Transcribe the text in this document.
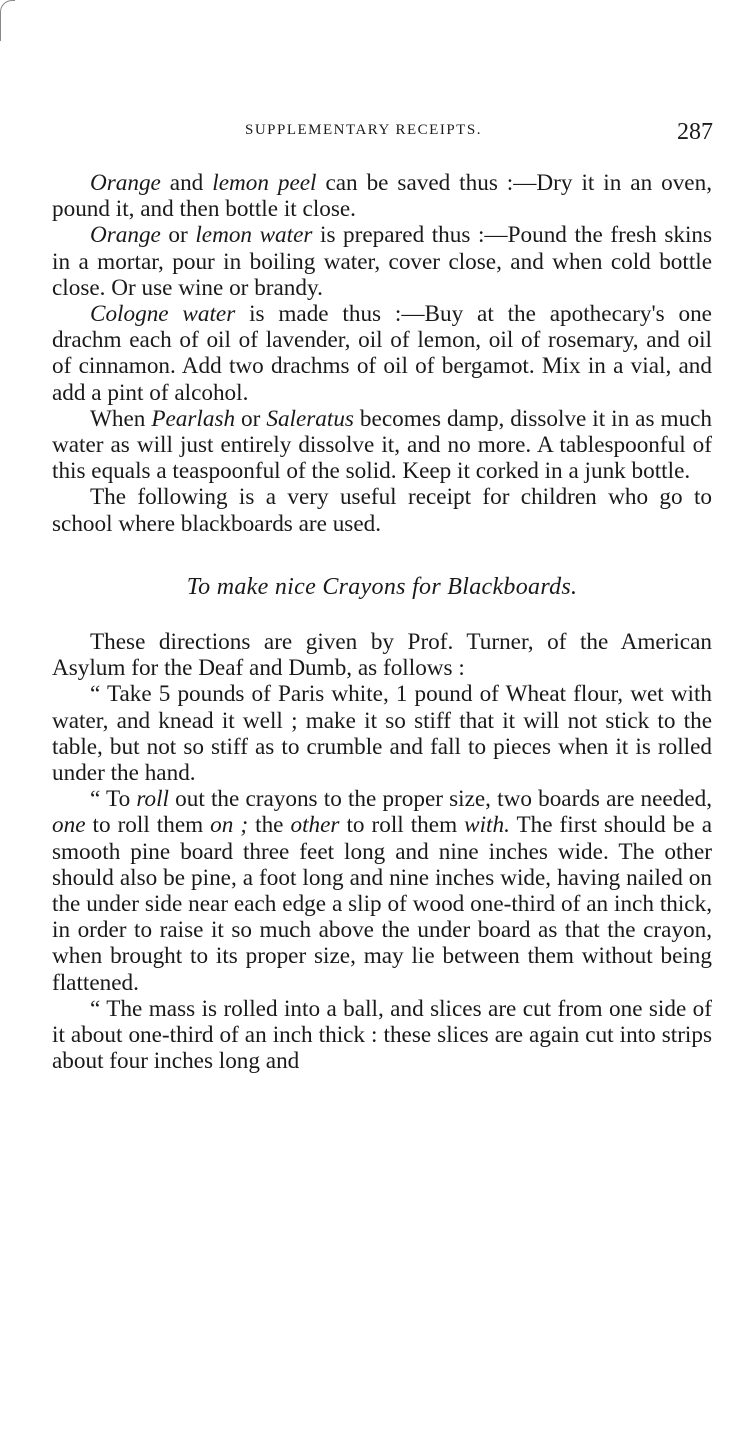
SUPPLEMENTARY RECEIPTS.	287

Orange and lemon peel can be saved thus :—Dry it in an oven, pound it, and then bottle it close.

Orange or lemon water is prepared thus :—Pound the fresh skins in a mortar, pour in boiling water, cover close, and when cold bottle close. Or use wine or brandy.

Cologne water is made thus :—Buy at the apothecary's one drachm each of oil of lavender, oil of lemon, oil of rosemary, and oil of cinnamon. Add two drachms of oil of bergamot. Mix in a vial, and add a pint of alcohol.

When Pearlash or Saleratus becomes damp, dissolve it in as much water as will just entirely dissolve it, and no more. A tablespoonful of this equals a teaspoonful of the solid. Keep it corked in a junk bottle.

The following is a very useful receipt for children who go to school where blackboards are used.

To make nice Crayons for Blackboards.

These directions are given by Prof. Turner, of the American Asylum for the Deaf and Dumb, as follows :

“ Take 5 pounds of Paris white, 1 pound of Wheat flour, wet with water, and knead it well ; make it so stiff that it will not stick to the table, but not so stiff as to crumble and fall to pieces when it is rolled under the hand.

“ To roll out the crayons to the proper size, two boards are needed, one to roll them on ; the other to roll them with. The first should be a smooth pine board three feet long and nine inches wide. The other should also be pine, a foot long and nine inches wide, having nailed on the under side near each edge a slip of wood one-third of an inch thick, in order to raise it so much above the under board as that the crayon, when brought to its proper size, may lie between them without being flattened.

“ The mass is rolled into a ball, and slices are cut from one side of it about one-third of an inch thick : these slices are again cut into strips about four inches long and
